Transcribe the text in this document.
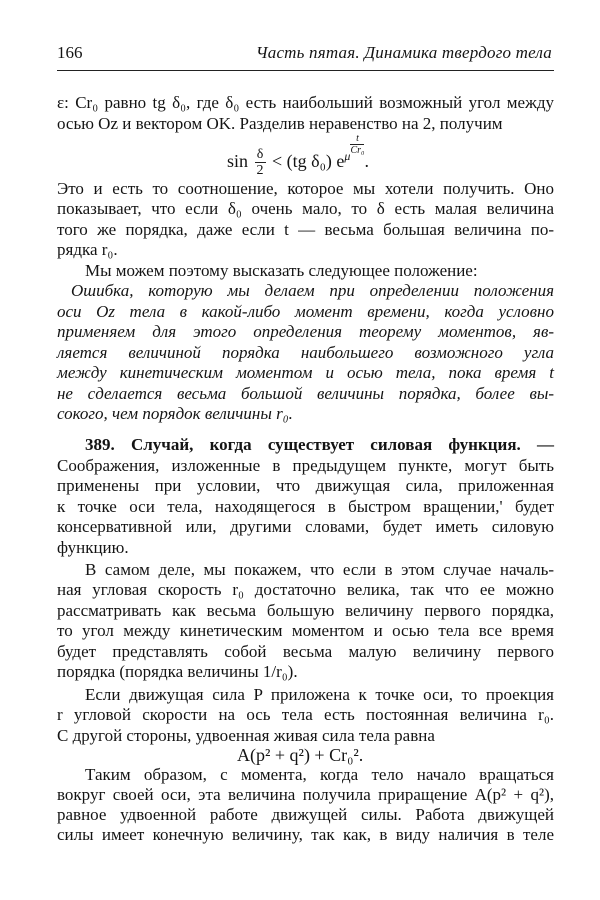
166	Часть пятая. Динамика твердого тела
ε: Cr₀ равно tg δ₀, где δ₀ есть наибольший возможный угол между
осью Oz и вектором OK. Разделив неравенство на 2, получим
$\sin \frac{\delta}{2} < (tg$ δ₀) $e^\mu \frac{t}{\text{Cr₀}}$
.
Это и есть то соотношение, которое мы хотели получить. Оно
показывает, что если δ₀ очень мало, то δ есть малая величина
того же порядка, даже если t — весьма большая величина по-
рядка r₀.
Мы можем поэтому высказать следующее положение:
Ошибка, которую мы делаем при определении положения
оси Oz тела в какой-либо момент времени, когда условно
применяем для этого определения теорему моментов, яв-
ляется величиной порядка наибольшего возможного угла
между кинетическим моментом и осью тела, пока время t
не сделается весьма большой величины порядка, более вы-
сокого, чем порядок величины r₀.
389. Случай, когда существует силовая функция. —
Соображения, изложенные в предыдущем пункте, могут быть
применены при условии, что движущая сила, приложенная
к точке оси тела, находящегося в быстром вращении,' будет
консервативной или, другими словами, будет иметь силовую
функцию.
В самом деле, мы покажем, что если в этом случае началь-
ная угловая скорость r₀ достаточно велика, так что ее можно
рассматривать как весьма большую величину первого порядка,
то угол между кинетическим моментом и осью тела все время
будет представлять собой весьма малую величину первого
порядка (порядка величины 1/r₀).
Если движущая сила P приложена к точке оси, то проекция
r угловой скорости на ось тела есть постоянная величина r₀.
С другой стороны, удвоенная живая сила тела равна
A(p² + q²) + Cr₀².
Таким образом, с момента, когда тело начало вращаться
вокруг своей оси, эта величина получила приращение A(p² + q²),
равное удвоенной работе движущей силы. Работа движущей
силы имеет конечную величину, так как, в виду наличия в теле
